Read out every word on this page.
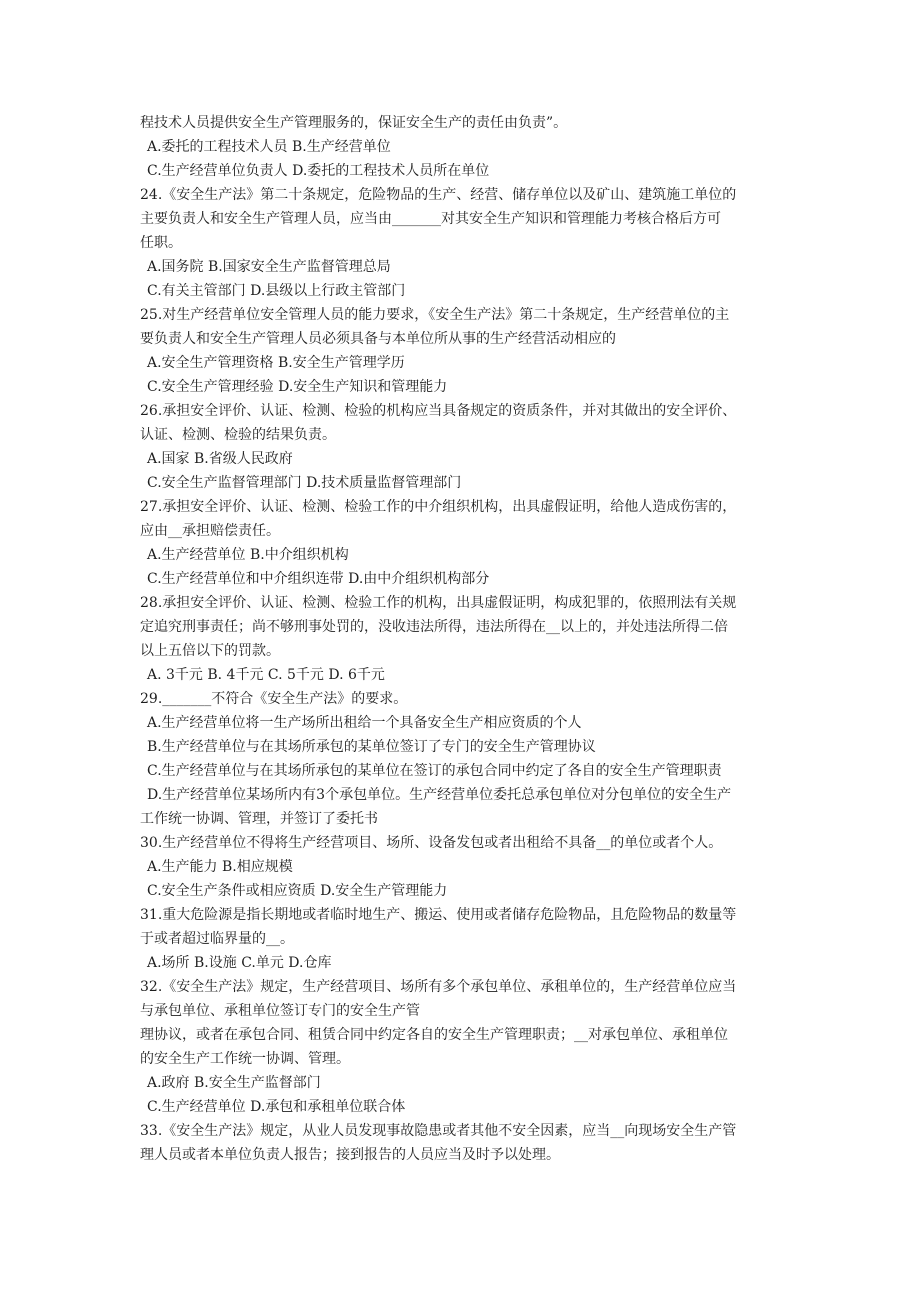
程技术人员提供安全生产管理服务的，保证安全生产的责任由负责”。
A.委托的工程技术人员 B.生产经营单位
C.生产经营单位负责人 D.委托的工程技术人员所在单位
24.《安全生产法》第二十条规定，危险物品的生产、经营、储存单位以及矿山、建筑施工单位的
主要负责人和安全生产管理人员，应当由_______对其安全生产知识和管理能力考核合格后方可
任职。
A.国务院 B.国家安全生产监督管理总局
C.有关主管部门 D.县级以上行政主管部门
25.对生产经营单位安全管理人员的能力要求，《安全生产法》第二十条规定，生产经营单位的主
要负责人和安全生产管理人员必须具备与本单位所从事的生产经营活动相应的
A.安全生产管理资格 B.安全生产管理学历
C.安全生产管理经验 D.安全生产知识和管理能力
26.承担安全评价、认证、检测、检验的机构应当具备规定的资质条件，并对其做出的安全评价、
认证、检测、检验的结果负责。
A.国家 B.省级人民政府
C.安全生产监督管理部门 D.技术质量监督管理部门
27.承担安全评价、认证、检测、检验工作的中介组织机构，出具虚假证明，给他人造成伤害的，
应由__承担赔偿责任。
A.生产经营单位 B.中介组织机构
C.生产经营单位和中介组织连带 D.由中介组织机构部分
28.承担安全评价、认证、检测、检验工作的机构，出具虚假证明，构成犯罪的，依照刑法有关规
定追究刑事责任；尚不够刑事处罚的，没收违法所得，违法所得在__以上的，并处违法所得二倍
以上五倍以下的罚款。
A. 3千元 B. 4千元 C. 5千元 D. 6千元
29._______不符合《安全生产法》的要求。
A.生产经营单位将一生产场所出租给一个具备安全生产相应资质的个人
B.生产经营单位与在其场所承包的某单位签订了专门的安全生产管理协议
C.生产经营单位与在其场所承包的某单位在签订的承包合同中约定了各自的安全生产管理职责
D.生产经营单位某场所内有3个承包单位。生产经营单位委托总承包单位对分包单位的安全生产
工作统一协调、管理，并签订了委托书
30.生产经营单位不得将生产经营项目、场所、设备发包或者出租给不具备__的单位或者个人。
A.生产能力 B.相应规模
C.安全生产条件或相应资质 D.安全生产管理能力
31.重大危险源是指长期地或者临时地生产、搬运、使用或者储存危险物品，且危险物品的数量等
于或者超过临界量的__。
A.场所 B.设施 C.单元 D.仓库
32.《安全生产法》规定，生产经营项目、场所有多个承包单位、承租单位的，生产经营单位应当
与承包单位、承租单位签订专门的安全生产管
理协议，或者在承包合同、租赁合同中约定各自的安全生产管理职责；__对承包单位、承租单位
的安全生产工作统一协调、管理。
A.政府 B.安全生产监督部门
C.生产经营单位 D.承包和承租单位联合体
33.《安全生产法》规定，从业人员发现事故隐患或者其他不安全因素，应当__向现场安全生产管
理人员或者本单位负责人报告；接到报告的人员应当及时予以处理。
